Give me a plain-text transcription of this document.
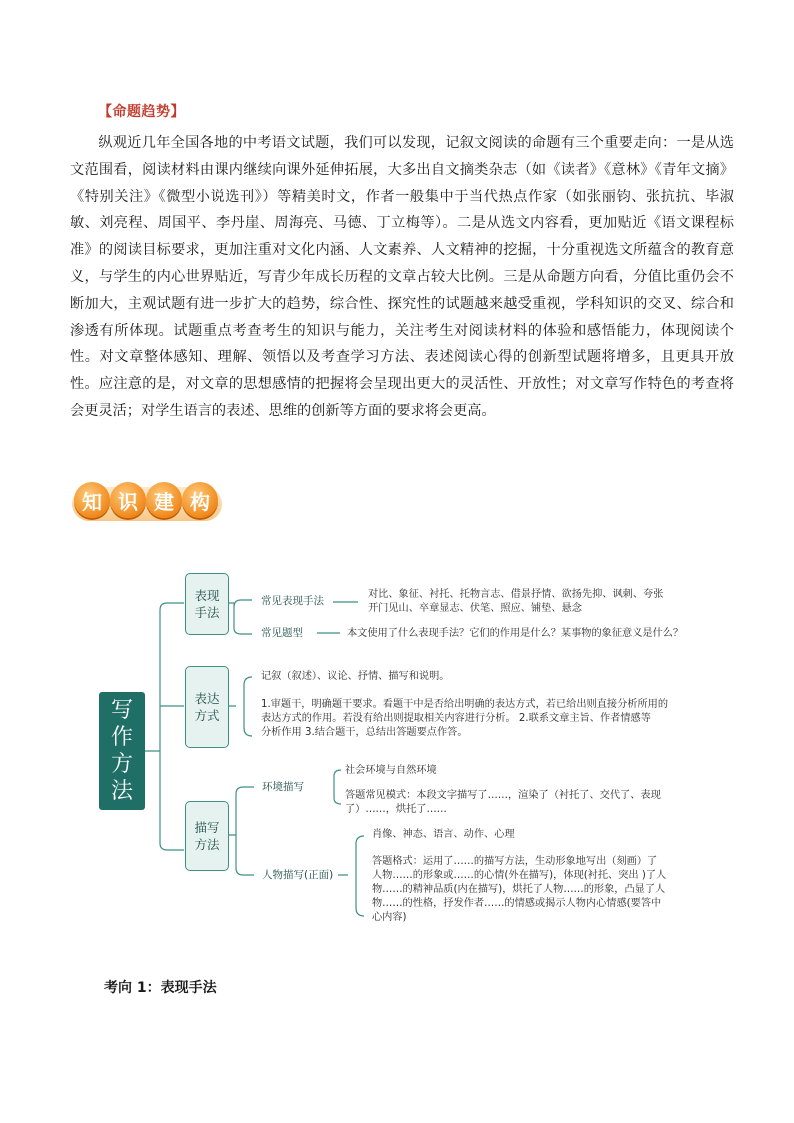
【命题趋势】

纵观近几年全国各地的中考语文试题，我们可以发现，记叙文阅读的命题有三个重要走向：一是从选文范围看，阅读材料由课内继续向课外延伸拓展，大多出自文摘类杂志（如《读者》《意林》《青年文摘》《特别关注》《微型小说选刊》）等精美时文，作者一般集中于当代热点作家（如张丽钧、张抗抗、毕淑敏、刘亮程、周国平、李丹崖、周海亮、马德、丁立梅等）。二是从选文内容看，更加贴近《语文课程标准》的阅读目标要求，更加注重对文化内涵、人文素养、人文精神的挖掘，十分重视选文所蕴含的教育意义，与学生的内心世界贴近，写青少年成长历程的文章占较大比例。三是从命题方向看，分值比重仍会不断加大，主观试题有进一步扩大的趋势，综合性、探究性的试题越来越受重视，学科知识的交叉、综合和渗透有所体现。试题重点考查考生的知识与能力，关注考生对阅读材料的体验和感悟能力，体现阅读个性。对文章整体感知、理解、领悟以及考查学习方法、表述阅读心得的创新型试题将增多，且更具开放性。应注意的是，对文章的思想感情的把握将会呈现出更大的灵活性、开放性；对文章写作特色的考查将会更灵活；对学生语言的表述、思维的创新等方面的要求将会更高。

知 识 建 构
写
作
方
法
表现
手法
表达
方式
描写
方法
常见表现手法
对比、象征、衬托、托物言志、借景抒情、欲扬先抑、讽刺、夸张
开门见山、卒章显志、伏笔、照应、铺垫、悬念
常见题型	本文使用了什么表现手法？它们的作用是什么？某事物的象征意义是什么？
记叙（叙述）、议论、抒情、描写和说明。
1.审题干，明确题干要求。看题干中是否给出明确的表达方式，若已给出则直接分析所用的
表达方式的作用。若没有给出则提取相关内容进行分析。 2.联系文章主旨、作者情感等
分析作用 3.结合题干，总结出答题要点作答。
环境描写
社会环境与自然环境
答题常见模式：本段文字描写了……，渲染了（衬托了、交代了、表现
了）……，烘托了……
人物描写(正面)
肖像、神态、语言、动作、心理
答题格式：运用了……的描写方法，生动形象地写出（刻画）了
人物……的形象或……的心情(外在描写)，体现(衬托、突出 )了人
物……的精神品质(内在描写)，烘托了人物……的形象，凸显了人
物……的性格，抒发作者……的情感或揭示人物内心情感(要答中
心内容)
考向 1：表现手法
